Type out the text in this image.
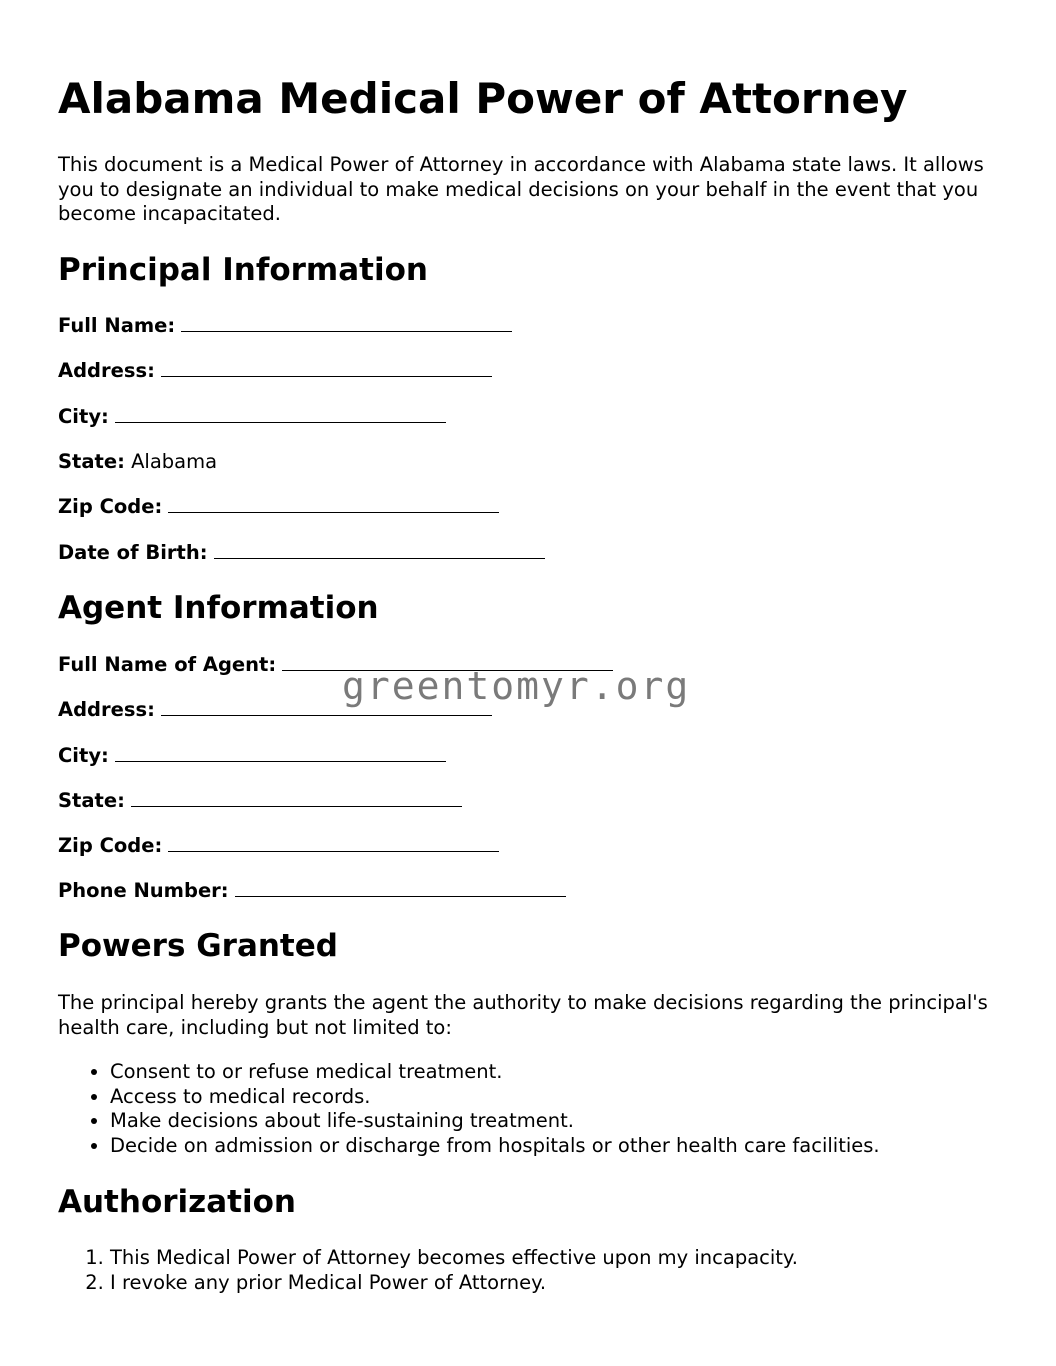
Alabama Medical Power of Attorney

This document is a Medical Power of Attorney in accordance with Alabama state laws. It allows you to designate an individual to make medical decisions on your behalf in the event that you become incapacitated.

Principal Information
Full Name:
Address:
City:
State: Alabama
Zip Code:
Date of Birth:
Agent Information
Full Name of Agent:
Address:
City:
State:
Zip Code:
Phone Number:
Powers Granted

The principal hereby grants the agent the authority to make decisions regarding the principal's health care, including but not limited to:

• Consent to or refuse medical treatment.
• Access to medical records.
• Make decisions about life-sustaining treatment.
• Decide on admission or discharge from hospitals or other health care facilities.
Authorization
1. This Medical Power of Attorney becomes effective upon my incapacity.
2. I revoke any prior Medical Power of Attorney.
greentomyr.org
